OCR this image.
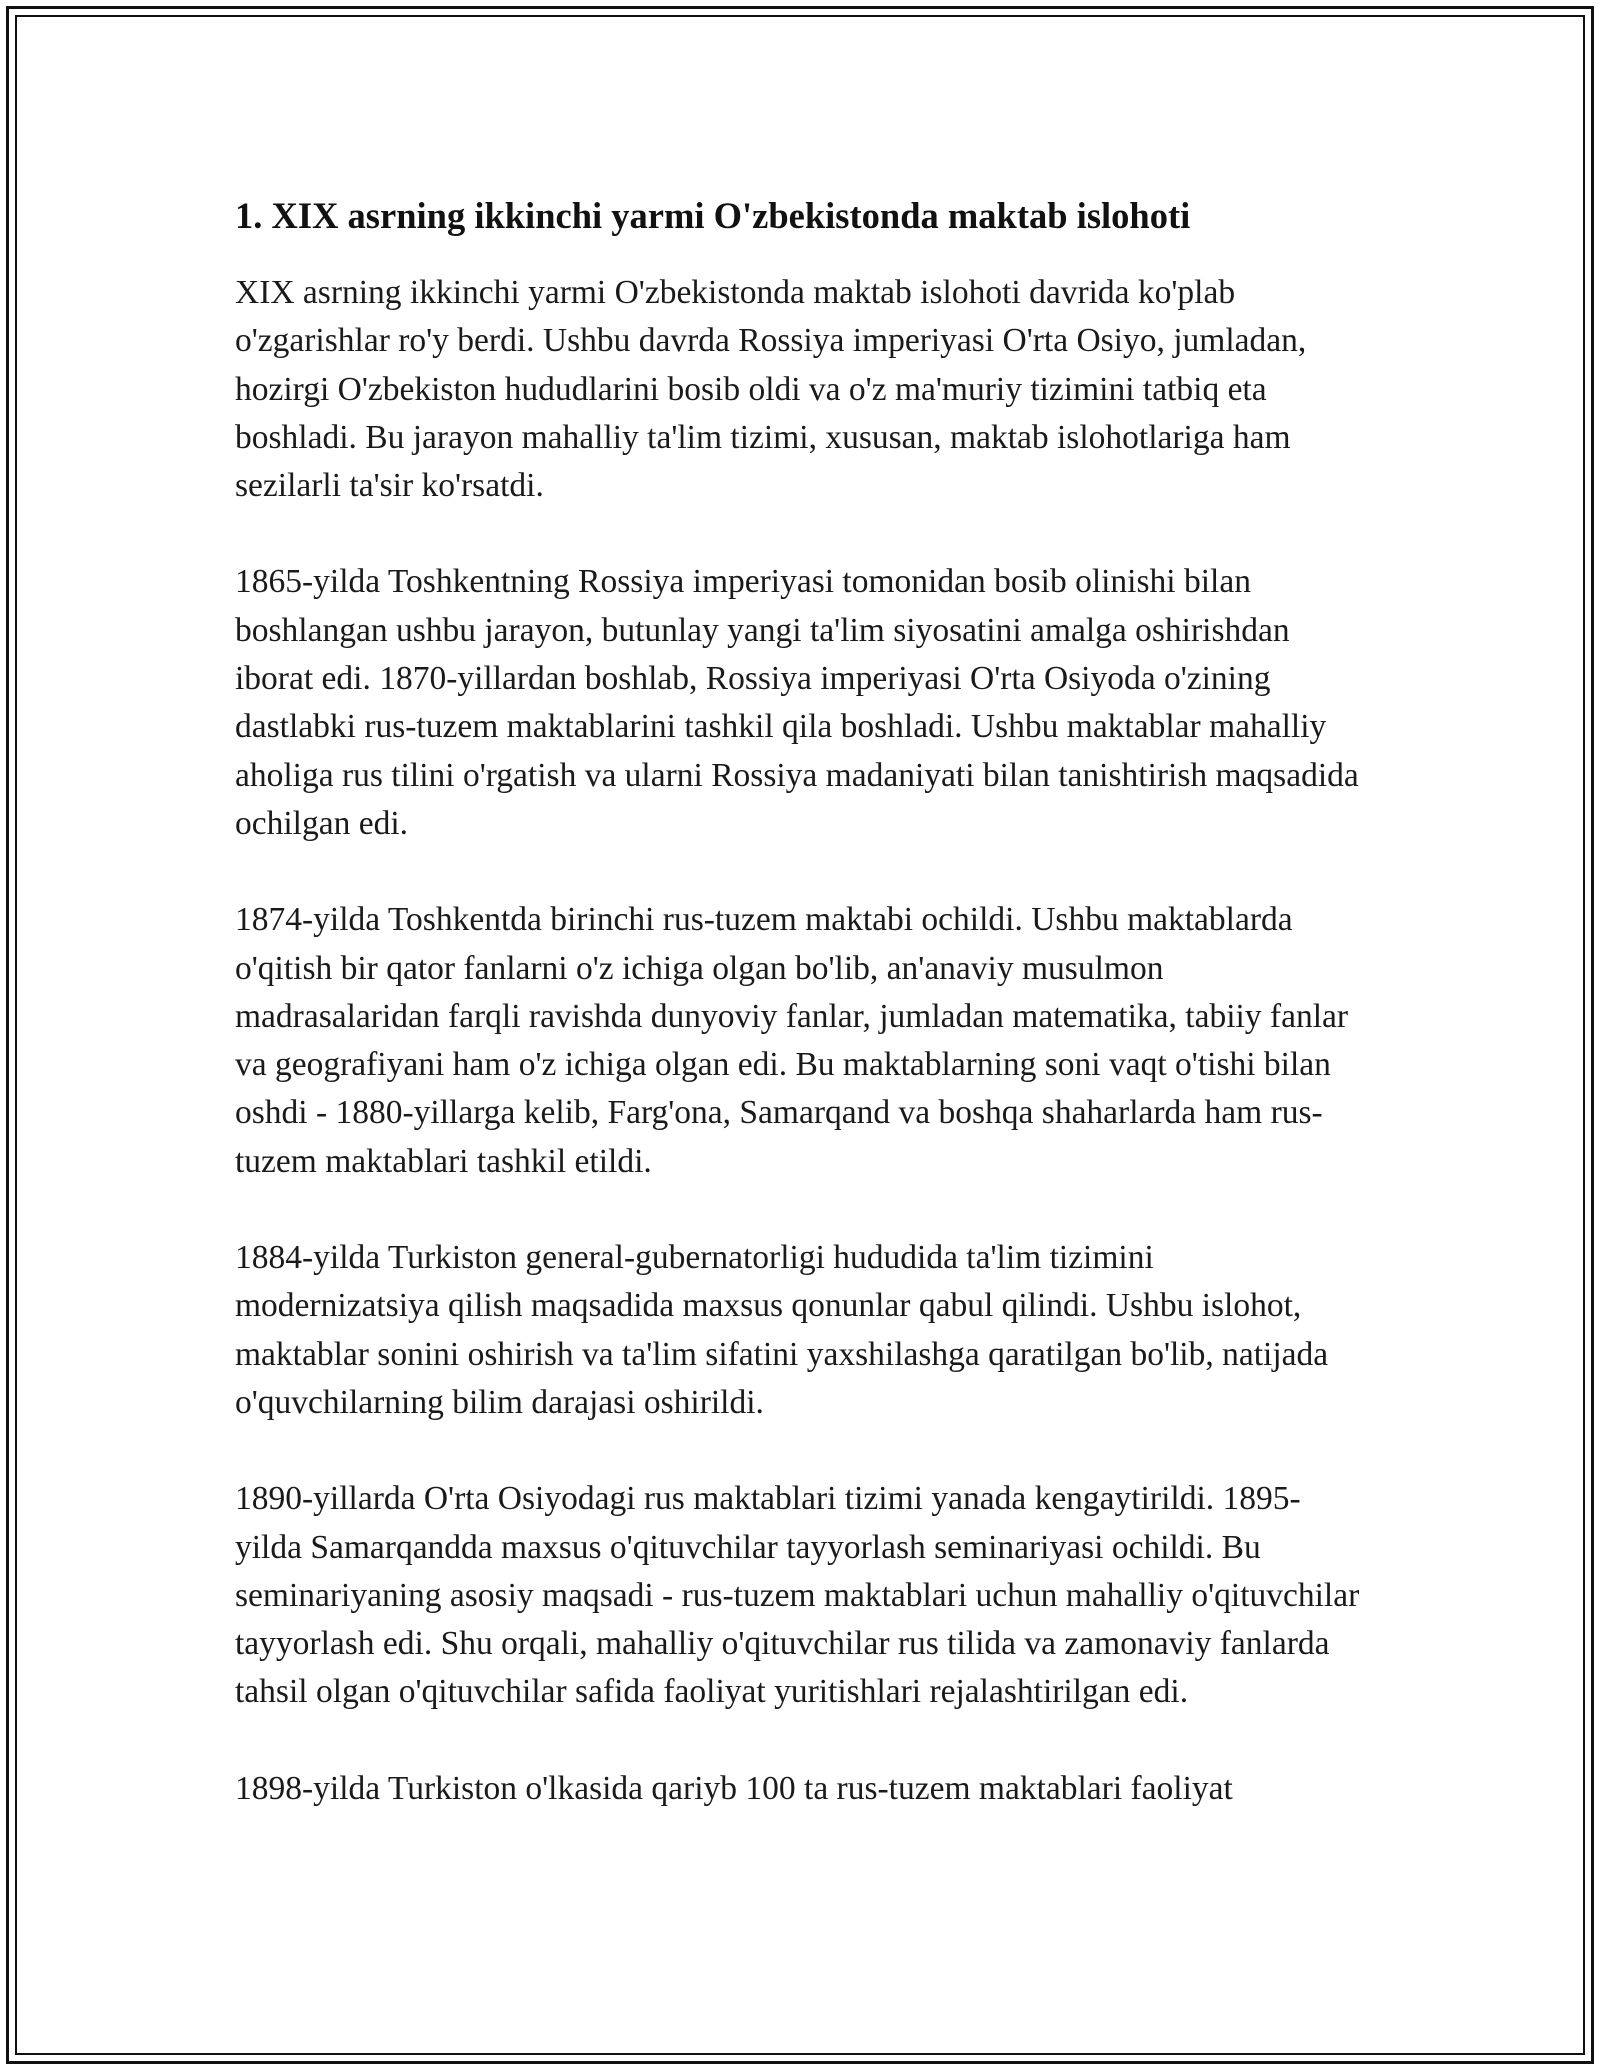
1. XIX asrning ikkinchi yarmi O'zbekistonda maktab islohoti

XIX asrning ikkinchi yarmi O'zbekistonda maktab islohoti davrida ko'plab o'zgarishlar ro'y berdi. Ushbu davrda Rossiya imperiyasi O'rta Osiyo, jumladan, hozirgi O'zbekiston hududlarini bosib oldi va o'z ma'muriy tizimini tatbiq eta boshladi. Bu jarayon mahalliy ta'lim tizimi, xususan, maktab islohotlariga ham sezilarli ta'sir ko'rsatdi.

1865-yilda Toshkentning Rossiya imperiyasi tomonidan bosib olinishi bilan boshlangan ushbu jarayon, butunlay yangi ta'lim siyosatini amalga oshirishdan iborat edi. 1870-yillardan boshlab, Rossiya imperiyasi O'rta Osiyoda o'zining dastlabki rus-tuzem maktablarini tashkil qila boshladi. Ushbu maktablar mahalliy aholiga rus tilini o'rgatish va ularni Rossiya madaniyati bilan tanishtirish maqsadida ochilgan edi.

1874-yilda Toshkentda birinchi rus-tuzem maktabi ochildi. Ushbu maktablarda o'qitish bir qator fanlarni o'z ichiga olgan bo'lib, an'anaviy musulmon madrasalaridan farqli ravishda dunyoviy fanlar, jumladan matematika, tabiiy fanlar va geografiyani ham o'z ichiga olgan edi. Bu maktablarning soni vaqt o'tishi bilan oshdi - 1880-yillarga kelib, Farg'ona, Samarqand va boshqa shaharlarda ham rus-tuzem maktablari tashkil etildi.

1884-yilda Turkiston general-gubernatorligi hududida ta'lim tizimini modernizatsiya qilish maqsadida maxsus qonunlar qabul qilindi. Ushbu islohot, maktablar sonini oshirish va ta'lim sifatini yaxshilashga qaratilgan bo'lib, natijada o'quvchilarning bilim darajasi oshirildi.

1890-yillarda O'rta Osiyodagi rus maktablari tizimi yanada kengaytirildi. 1895-yilda Samarqandda maxsus o'qituvchilar tayyorlash seminariyasi ochildi. Bu seminariyaning asosiy maqsadi - rus-tuzem maktablari uchun mahalliy o'qituvchilar tayyorlash edi. Shu orqali, mahalliy o'qituvchilar rus tilida va zamonaviy fanlarda tahsil olgan o'qituvchilar safida faoliyat yuritishlari rejalashtirilgan edi.

1898-yilda Turkiston o'lkasida qariyb 100 ta rus-tuzem maktablari faoliyat
